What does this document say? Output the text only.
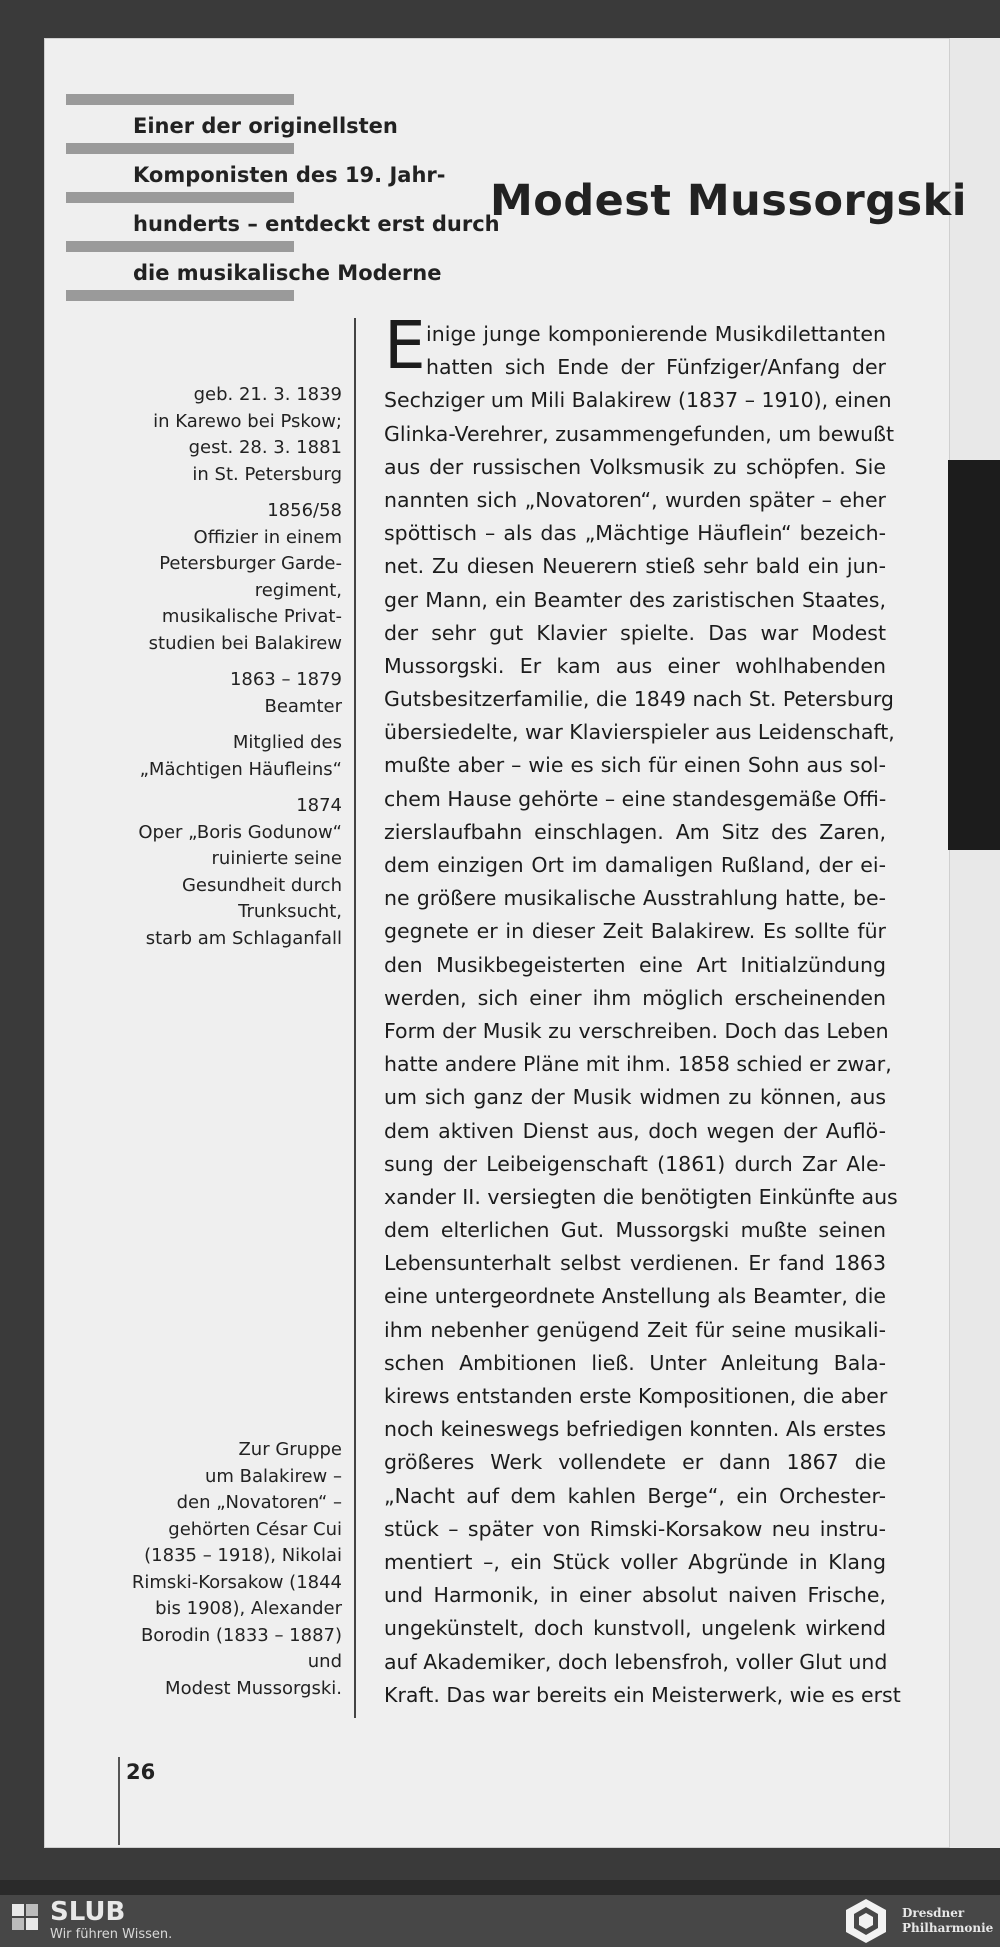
Einer der originellsten
Komponisten des 19. Jahr-
hunderts – entdeckt erst durch
die musikalische Moderne
Modest Mussorgski
geb. 21. 3. 1839
in Karewo bei Pskow;
gest. 28. 3. 1881
in St. Petersburg
1856/58
Offizier in einem
Petersburger Garde-
regiment,
musikalische Privat-
studien bei Balakirew
1863 – 1879
Beamter
Mitglied des
„Mächtigen Häufleins“
1874
Oper „Boris Godunow“
ruinierte seine
Gesundheit durch
Trunksucht,
starb am Schlaganfall
Zur Gruppe
um Balakirew –
den „Novatoren“ –
gehörten César Cui
(1835 – 1918), Nikolai
Rimski-Korsakow (1844
bis 1908), Alexander
Borodin (1833 – 1887)
und
Modest Mussorgski.
E inige junge komponierende Musikdilettanten
hatten sich Ende der Fünfziger/Anfang der
Sechziger um Mili Balakirew (1837 – 1910), einen
Glinka-Verehrer, zusammengefunden, um bewußt
aus der russischen Volksmusik zu schöpfen. Sie
nannten sich „Novatoren“, wurden später – eher
spöttisch – als das „Mächtige Häuflein“ bezeich-
net. Zu diesen Neuerern stieß sehr bald ein jun-
ger Mann, ein Beamter des zaristischen Staates,
der sehr gut Klavier spielte. Das war Modest
Mussorgski. Er kam aus einer wohlhabenden
Gutsbesitzerfamilie, die 1849 nach St. Petersburg
übersiedelte, war Klavierspieler aus Leidenschaft,
mußte aber – wie es sich für einen Sohn aus sol-
chem Hause gehörte – eine standesgemäße Offi-
zierslaufbahn einschlagen. Am Sitz des Zaren,
dem einzigen Ort im damaligen Rußland, der ei-
ne größere musikalische Ausstrahlung hatte, be-
gegnete er in dieser Zeit Balakirew. Es sollte für
den Musikbegeisterten eine Art Initialzündung
werden, sich einer ihm möglich erscheinenden
Form der Musik zu verschreiben. Doch das Leben
hatte andere Pläne mit ihm. 1858 schied er zwar,
um sich ganz der Musik widmen zu können, aus
dem aktiven Dienst aus, doch wegen der Auflö-
sung der Leibeigenschaft (1861) durch Zar Ale-
xander II. versiegten die benötigten Einkünfte aus
dem elterlichen Gut. Mussorgski mußte seinen
Lebensunterhalt selbst verdienen. Er fand 1863
eine untergeordnete Anstellung als Beamter, die
ihm nebenher genügend Zeit für seine musikali-
schen Ambitionen ließ. Unter Anleitung Bala-
kirews entstanden erste Kompositionen, die aber
noch keineswegs befriedigen konnten. Als erstes
größeres Werk vollendete er dann 1867 die
„Nacht auf dem kahlen Berge“, ein Orchester-
stück – später von Rimski-Korsakow neu instru-
mentiert –, ein Stück voller Abgründe in Klang
und Harmonik, in einer absolut naiven Frische,
ungekünstelt, doch kunstvoll, ungelenk wirkend
auf Akademiker, doch lebensfroh, voller Glut und
Kraft. Das war bereits ein Meisterwerk, wie es erst
26
SLUB
Wir führen Wissen.
Dresdner
Philharmonie
